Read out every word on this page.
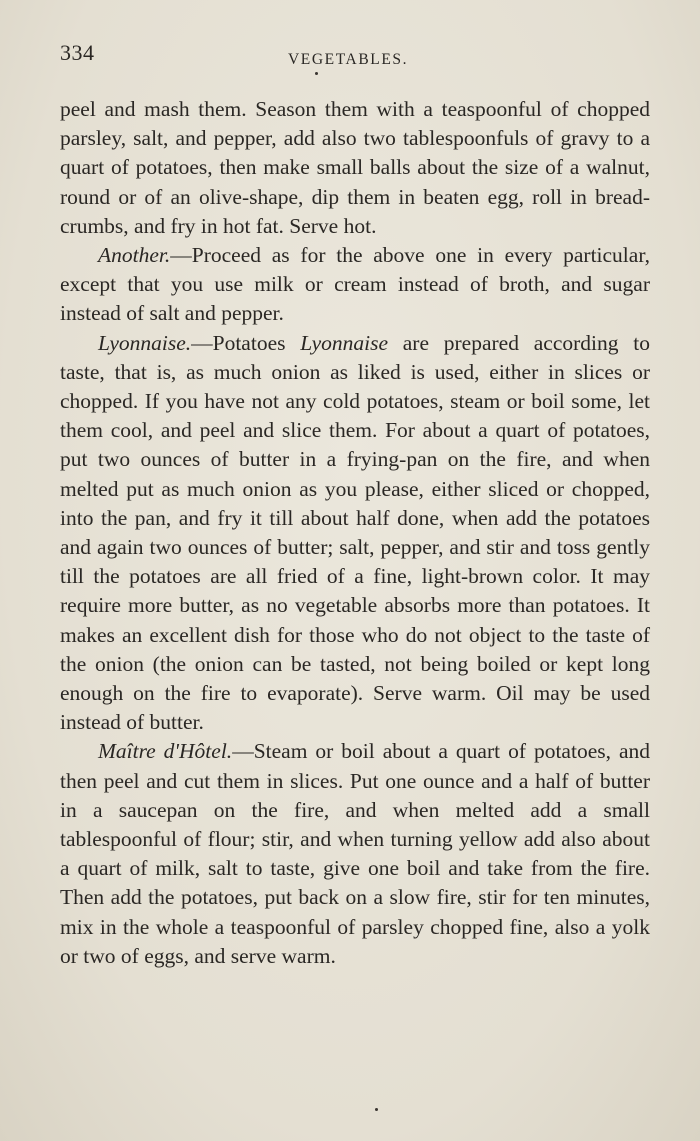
334	VEGETABLES.

peel and mash them. Season them with a teaspoonful of chopped parsley, salt, and pepper, add also two tablespoonfuls of gravy to a quart of potatoes, then make small balls about the size of a walnut, round or of an olive-shape, dip them in beaten egg, roll in bread-crumbs, and fry in hot fat. Serve hot.

Another.—Proceed as for the above one in every particular, except that you use milk or cream instead of broth, and sugar instead of salt and pepper.

Lyonnaise.—Potatoes Lyonnaise are prepared according to taste, that is, as much onion as liked is used, either in slices or chopped. If you have not any cold potatoes, steam or boil some, let them cool, and peel and slice them. For about a quart of potatoes, put two ounces of butter in a frying-pan on the fire, and when melted put as much onion as you please, either sliced or chopped, into the pan, and fry it till about half done, when add the potatoes and again two ounces of butter; salt, pepper, and stir and toss gently till the potatoes are all fried of a fine, light-brown color. It may require more butter, as no vegetable absorbs more than potatoes. It makes an excellent dish for those who do not object to the taste of the onion (the onion can be tasted, not being boiled or kept long enough on the fire to evaporate). Serve warm. Oil may be used instead of butter.

Maître d'Hôtel.—Steam or boil about a quart of potatoes, and then peel and cut them in slices. Put one ounce and a half of butter in a saucepan on the fire, and when melted add a small tablespoonful of flour; stir, and when turning yellow add also about a quart of milk, salt to taste, give one boil and take from the fire. Then add the potatoes, put back on a slow fire, stir for ten minutes, mix in the whole a teaspoonful of parsley chopped fine, also a yolk or two of eggs, and serve warm.
